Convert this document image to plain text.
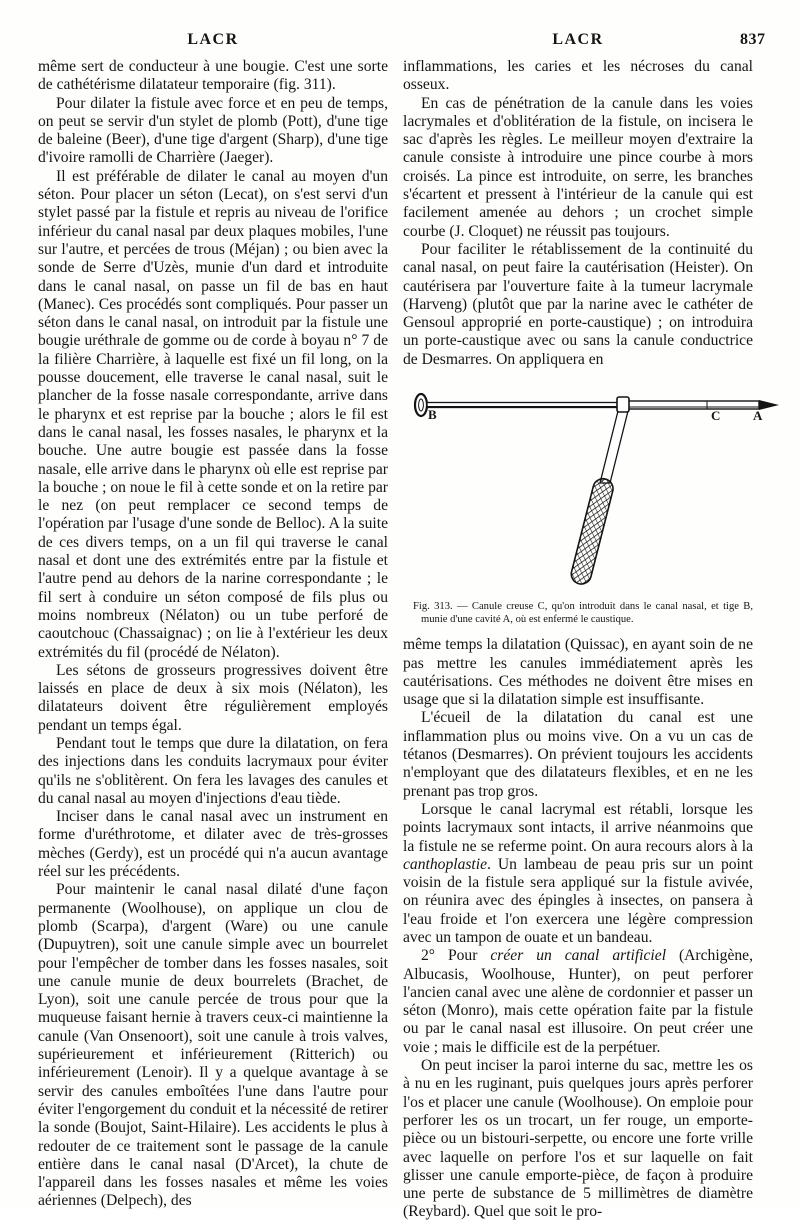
LACR	LACR	837

même sert de conducteur à une bougie. C'est une sorte de cathétérisme dilatateur temporaire (fig. 311).

Pour dilater la fistule avec force et en peu de temps, on peut se servir d'un stylet de plomb (Pott), d'une tige de baleine (Beer), d'une tige d'argent (Sharp), d'une tige d'ivoire ramolli de Charrière (Jaeger).

Il est préférable de dilater le canal au moyen d'un séton. Pour placer un séton (Lecat), on s'est servi d'un stylet passé par la fistule et repris au niveau de l'orifice inférieur du canal nasal par deux plaques mobiles, l'une sur l'autre, et percées de trous (Méjan) ; ou bien avec la sonde de Serre d'Uzès, munie d'un dard et introduite dans le canal nasal, on passe un fil de bas en haut (Manec). Ces procédés sont compliqués. Pour passer un séton dans le canal nasal, on introduit par la fistule une bougie uréthrale de gomme ou de corde à boyau n° 7 de la filière Charrière, à laquelle est fixé un fil long, on la pousse doucement, elle traverse le canal nasal, suit le plancher de la fosse nasale correspondante, arrive dans le pharynx et est reprise par la bouche ; alors le fil est dans le canal nasal, les fosses nasales, le pharynx et la bouche. Une autre bougie est passée dans la fosse nasale, elle arrive dans le pharynx où elle est reprise par la bouche ; on noue le fil à cette sonde et on la retire par le nez (on peut remplacer ce second temps de l'opération par l'usage d'une sonde de Belloc). A la suite de ces divers temps, on a un fil qui traverse le canal nasal et dont une des extrémités entre par la fistule et l'autre pend au dehors de la narine correspondante ; le fil sert à conduire un séton composé de fils plus ou moins nombreux (Nélaton) ou un tube perforé de caoutchouc (Chassaignac) ; on lie à l'extérieur les deux extrémités du fil (procédé de Nélaton).

Les sétons de grosseurs progressives doivent être laissés en place de deux à six mois (Nélaton), les dilatateurs doivent être régulièrement employés pendant un temps égal.

Pendant tout le temps que dure la dilatation, on fera des injections dans les conduits lacrymaux pour éviter qu'ils ne s'oblitèrent. On fera les lavages des canules et du canal nasal au moyen d'injections d'eau tiède.

Inciser dans le canal nasal avec un instrument en forme d'uréthrotome, et dilater avec de très-grosses mèches (Gerdy), est un procédé qui n'a aucun avantage réel sur les précédents.

Pour maintenir le canal nasal dilaté d'une façon permanente (Woolhouse), on applique un clou de plomb (Scarpa), d'argent (Ware) ou une canule (Dupuytren), soit une canule simple avec un bourrelet pour l'empêcher de tomber dans les fosses nasales, soit une canule munie de deux bourrelets (Brachet, de Lyon), soit une canule percée de trous pour que la muqueuse faisant hernie à travers ceux-ci maintienne la canule (Van Onsenoort), soit une canule à trois valves, supérieurement et inférieurement (Ritterich) ou inférieurement (Lenoir). Il y a quelque avantage à se servir des canules emboîtées l'une dans l'autre pour éviter l'engorgement du conduit et la nécessité de retirer la sonde (Boujot, Saint-Hilaire). Les accidents le plus à redouter de ce traitement sont le passage de la canule entière dans le canal nasal (D'Arcet), la chute de l'appareil dans les fosses nasales et même les voies aériennes (Delpech), des

inflammations, les caries et les nécroses du canal osseux.

En cas de pénétration de la canule dans les voies lacrymales et d'oblitération de la fistule, on incisera le sac d'après les règles. Le meilleur moyen d'extraire la canule consiste à introduire une pince courbe à mors croisés. La pince est introduite, on serre, les branches s'écartent et pressent à l'intérieur de la canule qui est facilement amenée au dehors ; un crochet simple courbe (J. Cloquet) ne réussit pas toujours.

Pour faciliter le rétablissement de la continuité du canal nasal, on peut faire la cautérisation (Heister). On cautérisera par l'ouverture faite à la tumeur lacrymale (Harveng) (plutôt que par la narine avec le cathéter de Gensoul approprié en porte-caustique) ; on introduira un porte-caustique avec ou sans la canule conductrice de Desmarres. On appliquera en

B	C	A

Fig. 313. — Canule creuse C, qu'on introduit dans le canal nasal, et tige B, munie d'une cavité A, où est enfermé le caustique.

même temps la dilatation (Quissac), en ayant soin de ne pas mettre les canules immédiatement après les cautérisations. Ces méthodes ne doivent être mises en usage que si la dilatation simple est insuffisante.

L'écueil de la dilatation du canal est une inflammation plus ou moins vive. On a vu un cas de tétanos (Desmarres). On prévient toujours les accidents n'employant que des dilatateurs flexibles, et en ne les prenant pas trop gros.

Lorsque le canal lacrymal est rétabli, lorsque les points lacrymaux sont intacts, il arrive néanmoins que la fistule ne se referme point. On aura recours alors à la canthoplastie. Un lambeau de peau pris sur un point voisin de la fistule sera appliqué sur la fistule avivée, on réunira avec des épingles à insectes, on pansera à l'eau froide et l'on exercera une légère compression avec un tampon de ouate et un bandeau.

2° Pour créer un canal artificiel (Archigène, Albucasis, Woolhouse, Hunter), on peut perforer l'ancien canal avec une alène de cordonnier et passer un séton (Monro), mais cette opération faite par la fistule ou par le canal nasal est illusoire. On peut créer une voie ; mais le difficile est de la perpétuer.

On peut inciser la paroi interne du sac, mettre les os à nu en les ruginant, puis quelques jours après perforer l'os et placer une canule (Woolhouse). On emploie pour perforer les os un trocart, un fer rouge, un emporte-pièce ou un bistouri-serpette, ou encore une forte vrille avec laquelle on perfore l'os et sur laquelle on fait glisser une canule emporte-pièce, de façon à produire une perte de substance de 5 millimètres de diamètre (Reybard). Quel que soit le pro-
